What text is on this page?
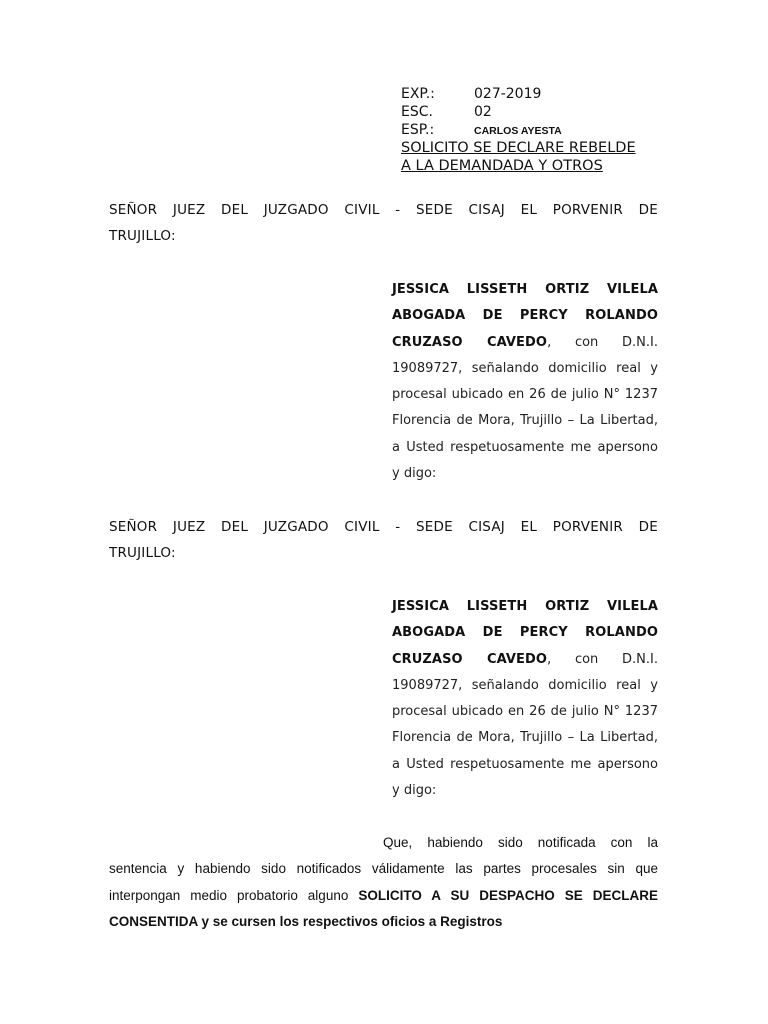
EXP.:	027-2019
ESC.	02
ESP.:	CARLOS AYESTA
SOLICITO SE DECLARE REBELDE
A LA DEMANDADA Y OTROS
SEÑOR JUEZ DEL JUZGADO CIVIL - SEDE CISAJ EL PORVENIR DE
TRUJILLO:
JESSICA LISSETH ORTIZ VILELA ABOGADA DE PERCY ROLANDO CRUZASO CAVEDO, con D.N.I. 19089727, señalando domicilio real y procesal ubicado en 26 de julio N° 1237 Florencia de Mora, Trujillo – La Libertad, a Usted respetuosamente me apersono y digo:
SEÑOR JUEZ DEL JUZGADO CIVIL - SEDE CISAJ EL PORVENIR DE
TRUJILLO:
JESSICA LISSETH ORTIZ VILELA ABOGADA DE PERCY ROLANDO CRUZASO CAVEDO, con D.N.I. 19089727, señalando domicilio real y procesal ubicado en 26 de julio N° 1237 Florencia de Mora, Trujillo – La Libertad, a Usted respetuosamente me apersono y digo:
Que, habiendo sido notificada con la sentencia y habiendo sido notificados válidamente las partes procesales sin que interpongan medio probatorio alguno SOLICITO A SU DESPACHO SE DECLARE CONSENTIDA y se cursen los respectivos oficios a Registros
